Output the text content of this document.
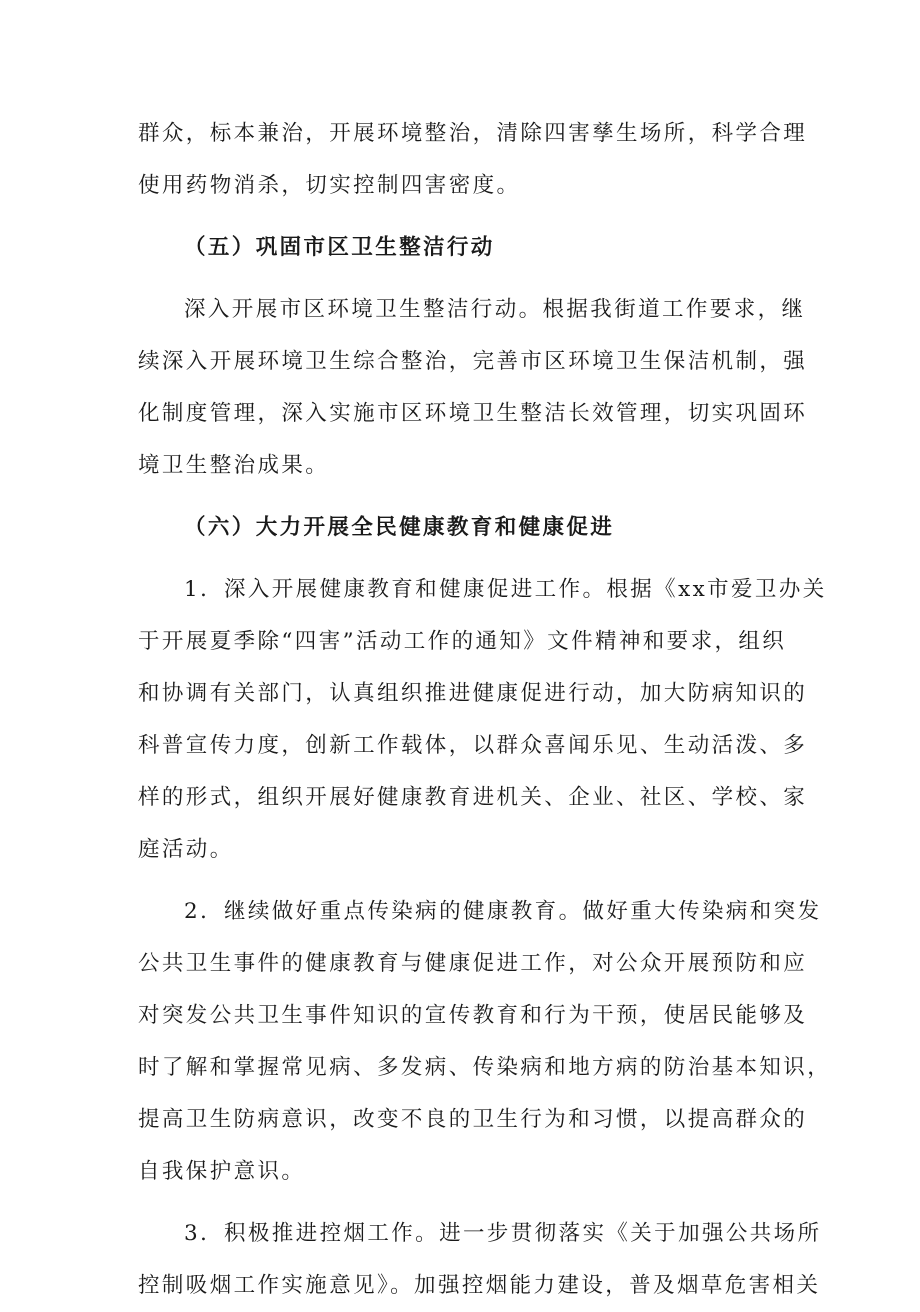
群众，标本兼治，开展环境整治，清除四害孳生场所，科学合理
使用药物消杀，切实控制四害密度。
（五）巩固市区卫生整洁行动
深入开展市区环境卫生整洁行动。根据我街道工作要求，继
续深入开展环境卫生综合整治，完善市区环境卫生保洁机制，强
化制度管理，深入实施市区环境卫生整洁长效管理，切实巩固环
境卫生整治成果。
（六）大力开展全民健康教育和健康促进
1．深入开展健康教育和健康促进工作。根据《xx市爱卫办关
于开展夏季除“四害”活动工作的通知》文件精神和要求，组织
和协调有关部门，认真组织推进健康促进行动，加大防病知识的
科普宣传力度，创新工作载体，以群众喜闻乐见、生动活泼、多
样的形式，组织开展好健康教育进机关、企业、社区、学校、家
庭活动。
2．继续做好重点传染病的健康教育。做好重大传染病和突发
公共卫生事件的健康教育与健康促进工作，对公众开展预防和应
对突发公共卫生事件知识的宣传教育和行为干预，使居民能够及
时了解和掌握常见病、多发病、传染病和地方病的防治基本知识，
提高卫生防病意识，改变不良的卫生行为和习惯，以提高群众的
自我保护意识。
3．积极推进控烟工作。进一步贯彻落实《关于加强公共场所
控制吸烟工作实施意见》。加强控烟能力建设，普及烟草危害相关
